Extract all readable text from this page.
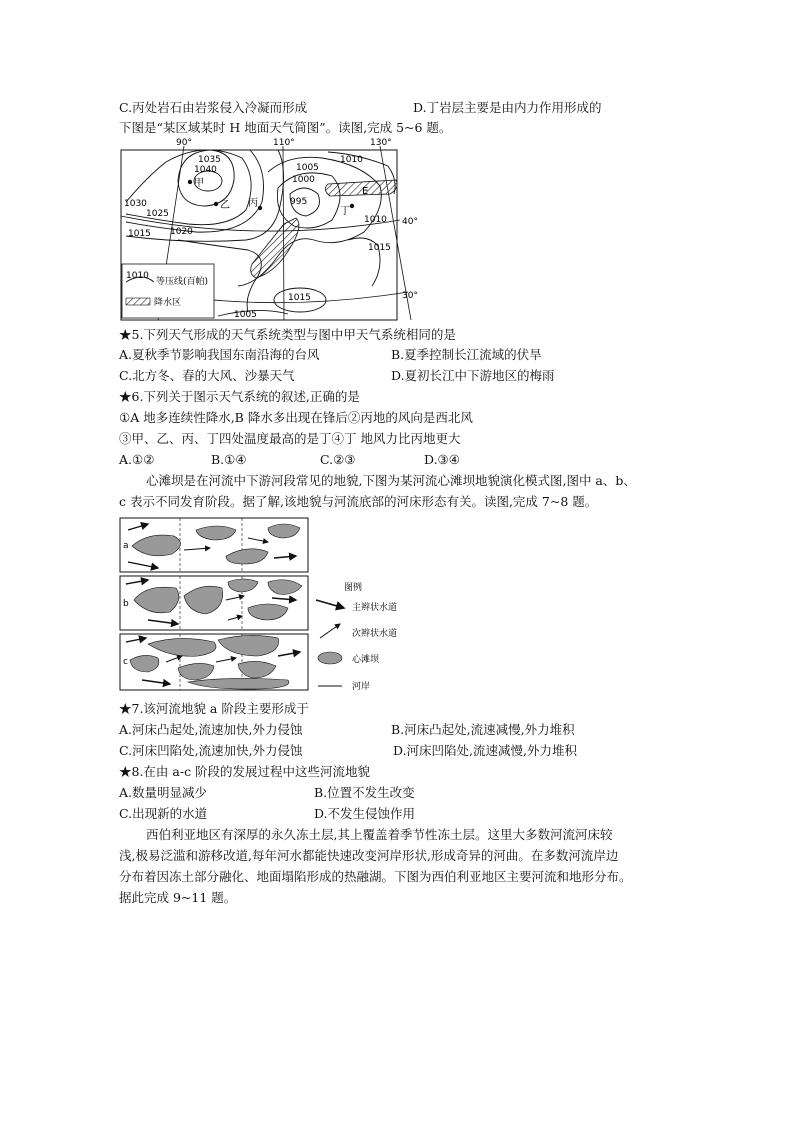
C.丙处岩石由岩浆侵入冷凝而形成	D.丁岩层主要是由内力作用形成的
下图是“某区域某时 H 地面天气简图”。读图,完成 5~6 题。
90°	110°	130°
40°
30°
1035
1040
1030
1025
1015 1020
1010
1005
1000
995
1010
1015
1015
1005
甲
乙 丙
丁
E
1010
等压线(百帕)
降水区
★5.下列天气形成的天气系统类型与图中甲天气系统相同的是
A.夏秋季节影响我国东南沿海的台风	B.夏季控制长江流域的伏旱
C.北方冬、春的大风、沙暴天气	D.夏初长江中下游地区的梅雨
★6.下列关于图示天气系统的叙述,正确的是
①A 地多连续性降水,B 降水多出现在锋后②丙地的风向是西北风
③甲、乙、丙、丁四处温度最高的是丁④丁 地风力比丙地更大
A.①②	B.①④	C.②③	D.③④
心滩坝是在河流中下游河段常见的地貌,下图为某河流心滩坝地貌演化模式图,图中 a、b、
c 表示不同发育阶段。据了解,该地貌与河流底部的河床形态有关。读图,完成 7~8 题。
a
b
c
图例
主辫状水道
次辫状水道
心滩坝
河岸
★7.该河流地貌 a 阶段主要形成于
A.河床凸起处,流速加快,外力侵蚀	B.河床凸起处,流速减慢,外力堆积
C.河床凹陷处,流速加快,外力侵蚀	D.河床凹陷处,流速减慢,外力堆积
★8.在由 a-c 阶段的发展过程中这些河流地貌
A.数量明显减少	B.位置不发生改变
C.出现新的水道	D.不发生侵蚀作用
西伯利亚地区有深厚的永久冻土层,其上覆盖着季节性冻土层。这里大多数河流河床较
浅,极易泛滥和游移改道,每年河水都能快速改变河岸形状,形成奇异的河曲。在多数河流岸边
分布着因冻土部分融化、地面塌陷形成的热融湖。下图为西伯利亚地区主要河流和地形分布。
据此完成 9~11 题。
